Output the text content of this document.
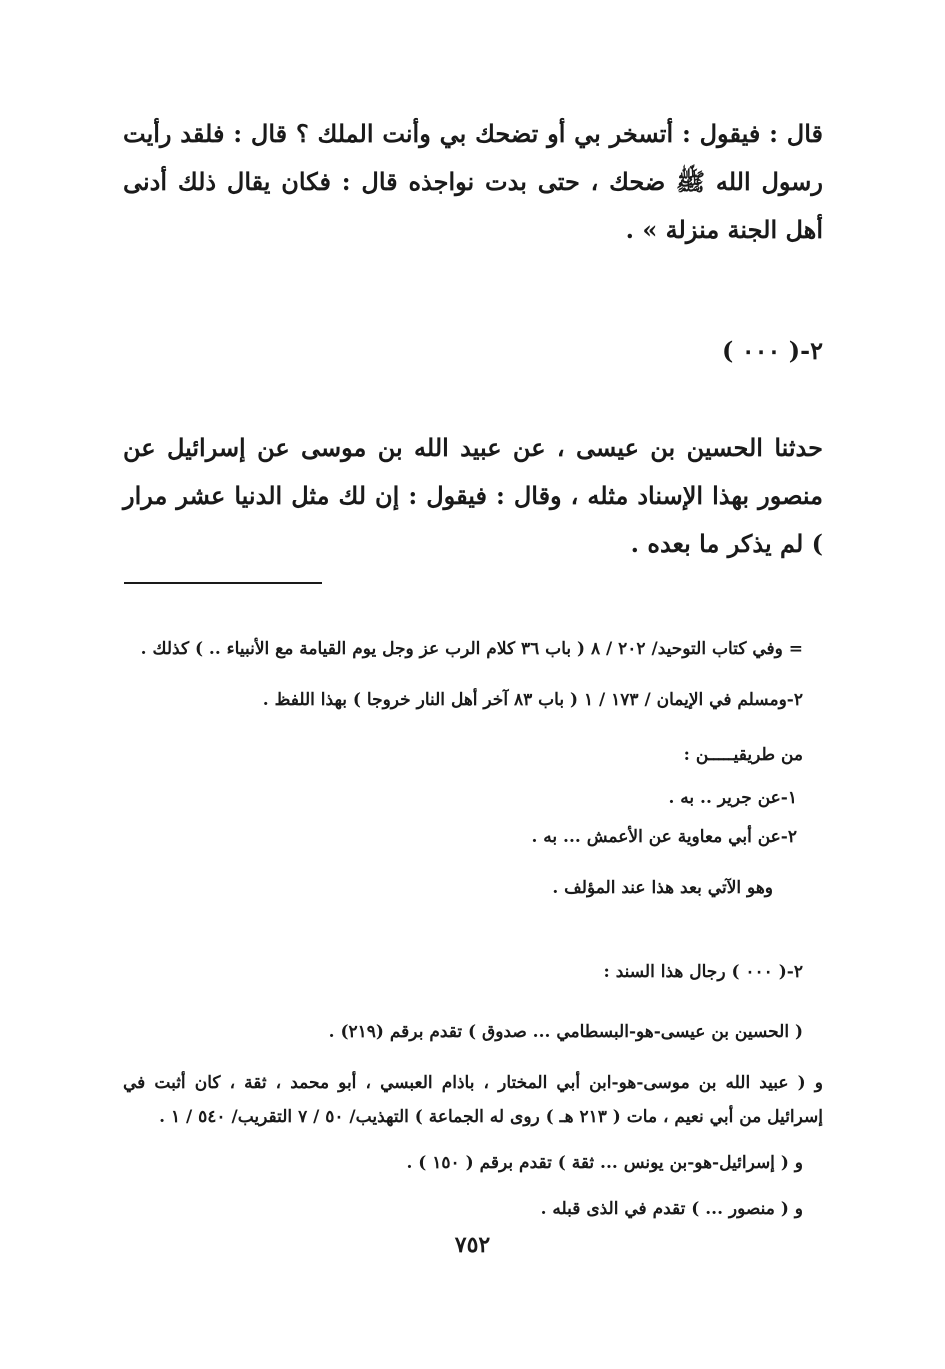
قال : فيقول : أتسخر بي أو تضحك بي وأنت الملك ؟ قال : فلقد رأيت رسول الله ﷺ ضحك ، حتى بدت نواجذه قال : فكان يقال ذلك أدنى أهل الجنة منزلة » .

٢-( ٠٠٠ )

حدثنا الحسين بن عيسى ، عن عبيد الله بن موسى عن إسرائيل عن منصور بهذا الإسناد مثله ، وقال : فيقول : إن لك مثل الدنيا عشر مرار ) لم يذكر ما بعده .

= وفي كتاب التوحيد/ ٢٠٢ / ٨ ( باب ٣٦ كلام الرب عز وجل يوم القيامة مع الأنبياء .. ) كذلك .

٢-ومسلم في الإيمان / ١٧٣ / ١ ( باب ٨٣ آخر أهل النار خروجا ) بهذا اللفظ .

من طريقيـــــن :

١-عن جرير .. به .

٢-عن أبي معاوية عن الأعمش ... به .

وهو الآتي بعد هذا عند المؤلف .

٢-( ٠٠٠ ) رجال هذا السند :

( الحسين بن عيسى-هو-البسطامي ... صدوق ) تقدم برقم (٢١٩) .

و ( عبيد الله بن موسى-هو-ابن أبي المختار ، باذام العبسي ، أبو محمد ، ثقة ، كان أثبت في إسرائيل من أبي نعيم ، مات ( ٢١٣ هـ ) روى له الجماعة ) التهذيب/ ٥٠ / ٧ التقريب/ ٥٤٠ / ١ .

و ( إسرائيل-هو-بن يونس ... ثقة ) تقدم برقم ( ١٥٠ ) .

و ( منصور ... ) تقدم في الذى قبله .

٧٥٢
